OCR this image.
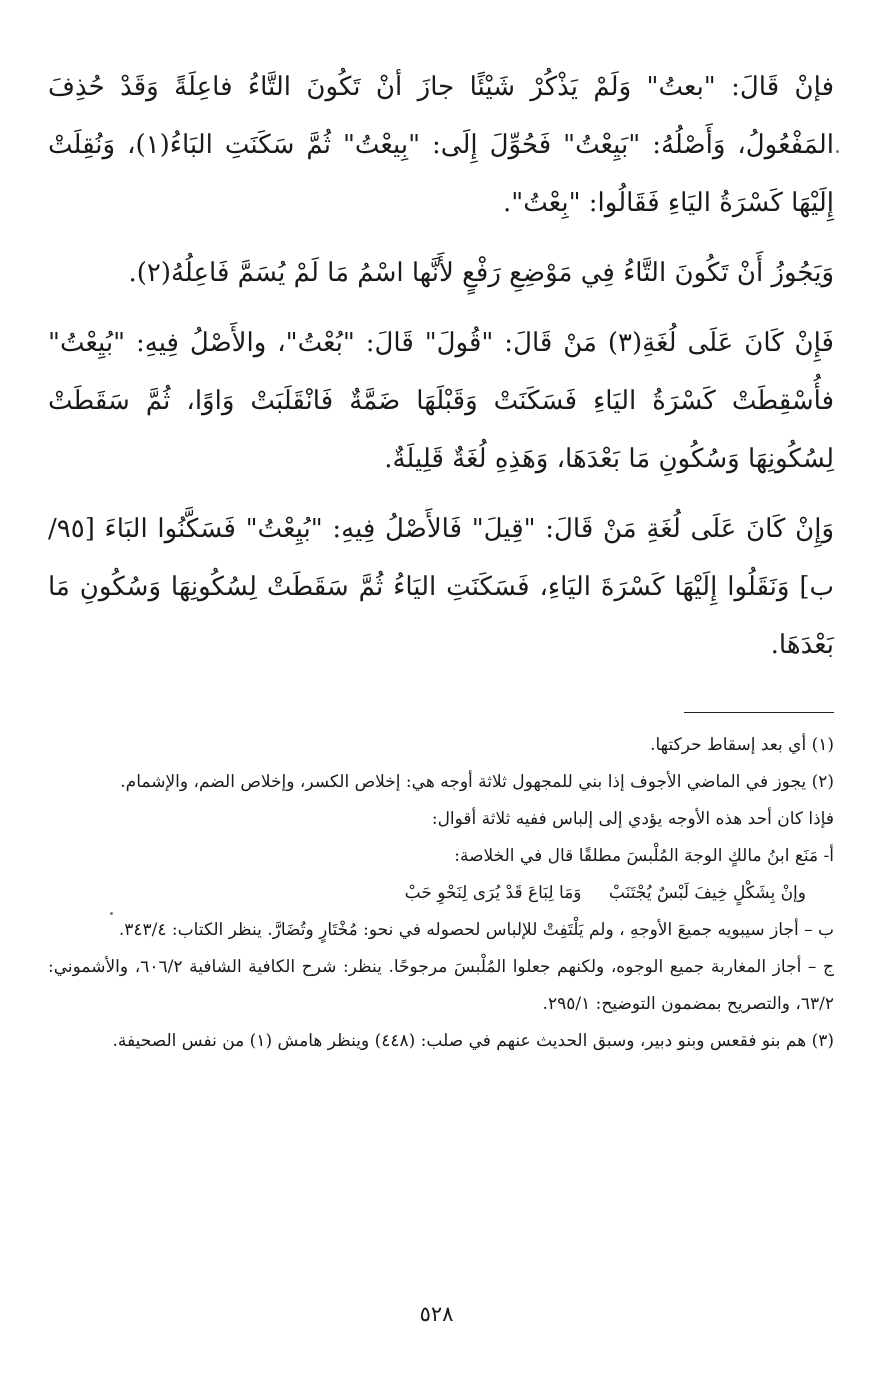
فإنْ قَالَ: "بعتُ" وَلَمْ يَذْكُرْ شَيْئًا جازَ أنْ تَكُونَ التَّاءُ فاعِلَةً وَقَدْ حُذِفَ المَفْعُولُ، وَأَصْلُهُ: "بَيِعْتُ" فَحُوِّلَ إِلَى: "بِيعْتُ" ثُمَّ سَكَنَتِ البَاءُ(١)، وَنُقِلَتْ إِلَيْهَا كَسْرَةُ اليَاءِ فَقَالُوا: "بِعْتُ".

وَيَجُوزُ أَنْ تَكُونَ التَّاءُ فِي مَوْضِعِ رَفْعٍ لأَنَّها اسْمُ مَا لَمْ يُسَمَّ فَاعِلُهُ(٢).

فَإِنْ كَانَ عَلَى لُغَةِ(٣) مَنْ قَالَ: "قُولَ" قَالَ: "بُعْتُ"، والأَصْلُ فِيهِ: "بُيِعْتُ" فأُسْقِطَتْ كَسْرَةُ اليَاءِ فَسَكَنَتْ وَقَبْلَهَا ضَمَّةٌ فَانْقَلَبَتْ وَاوًا، ثُمَّ سَقَطَتْ لِسُكُونِهَا وَسُكُونِ مَا بَعْدَهَا، وَهَذِهِ لُغَةٌ قَلِيلَةٌ.

وَإِنْ كَانَ عَلَى لُغَةِ مَنْ قَالَ: "قِيلَ" فَالأَصْلُ فِيهِ: "بُيِعْتُ" فَسَكَّنُوا البَاءَ [٩٥/ب] وَنَقَلُوا إِلَيْهَا كَسْرَةَ اليَاءِ، فَسَكَنَتِ اليَاءُ ثُمَّ سَقَطَتْ لِسُكُونِهَا وَسُكُونِ مَا بَعْدَهَا.

(١) أي بعد إسقاط حركتها.

(٢) يجوز في الماضي الأجوف إذا بني للمجهول ثلاثة أوجه هي: إخلاص الكسر، وإخلاص الضم، والإشمام.

فإذا كان أحد هذه الأوجه يؤدي إلى إلباس ففيه ثلاثة أقوال:

أ- مَنَع ابنُ مالكٍ الوجهَ المُلْبسَ مطلقًا قال في الخلاصة:

وإنْ بِشَكْلٍ خِيفَ لَبْسٌ يُجْتَنَبْ وَمَا لِبَاعَ قَدْ يُرَى لِنَحْوِ حَبْ

ب – أجاز سيبويه جميعَ الأوجهِ ، ولم يَلْتَفِتْ للإلباس لحصوله في نحو: مُخْتَارٍ وتُضَارَّ. ينظر الكتاب: ٣٤٣/٤.

ج – أجاز المغاربة جميع الوجوه، ولكنهم جعلوا المُلْبسَ مرجوحًا. ينظر: شرح الكافية الشافية ٦٠٦/٢، والأشموني: ٦٣/٢، والتصريح بمضمون التوضيح: ٢٩٥/١.

(٣) هم بنو فقعس وبنو دبير، وسبق الحديث عنهم في صلب: (٤٤٨) وينظر هامش (١) من نفس الصحيفة.

٥٢٨
